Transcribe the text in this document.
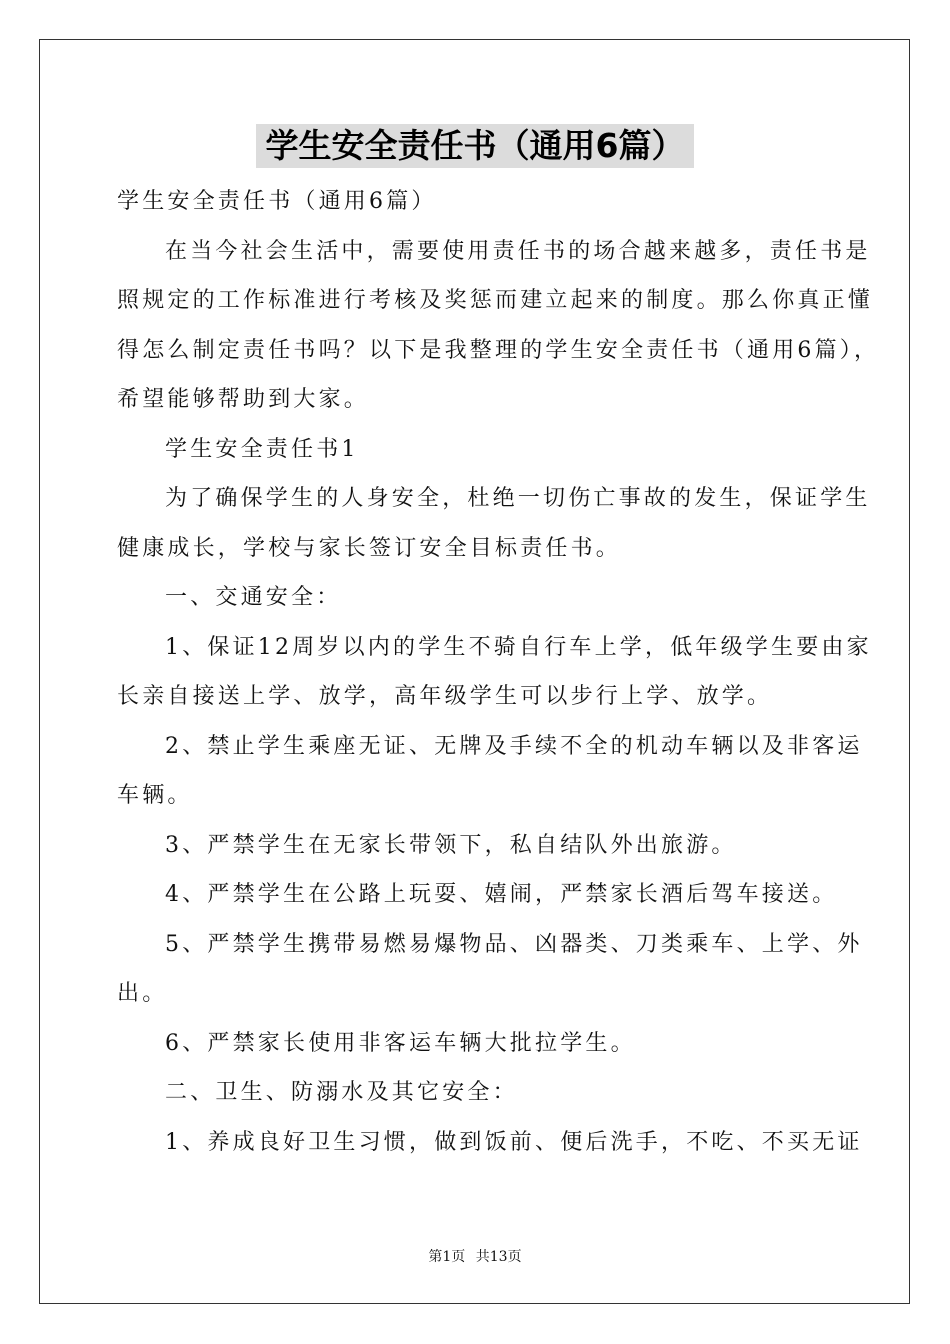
学生安全责任书（通用6篇）
学生安全责任书（通用6篇）
在当今社会生活中，需要使用责任书的场合越来越多，责任书是
照规定的工作标准进行考核及奖惩而建立起来的制度。那么你真正懂
得怎么制定责任书吗？以下是我整理的学生安全责任书（通用6篇），
希望能够帮助到大家。
学生安全责任书1
为了确保学生的人身安全，杜绝一切伤亡事故的发生，保证学生
健康成长，学校与家长签订安全目标责任书。
一、交通安全：
1、保证12周岁以内的学生不骑自行车上学，低年级学生要由家
长亲自接送上学、放学，高年级学生可以步行上学、放学。
2、禁止学生乘座无证、无牌及手续不全的机动车辆以及非客运
车辆。
3、严禁学生在无家长带领下，私自结队外出旅游。
4、严禁学生在公路上玩耍、嬉闹，严禁家长酒后驾车接送。
5、严禁学生携带易燃易爆物品、凶器类、刀类乘车、上学、外
出。
6、严禁家长使用非客运车辆大批拉学生。
二、卫生、防溺水及其它安全：
1、养成良好卫生习惯，做到饭前、便后洗手，不吃、不买无证
第1页 共13页
